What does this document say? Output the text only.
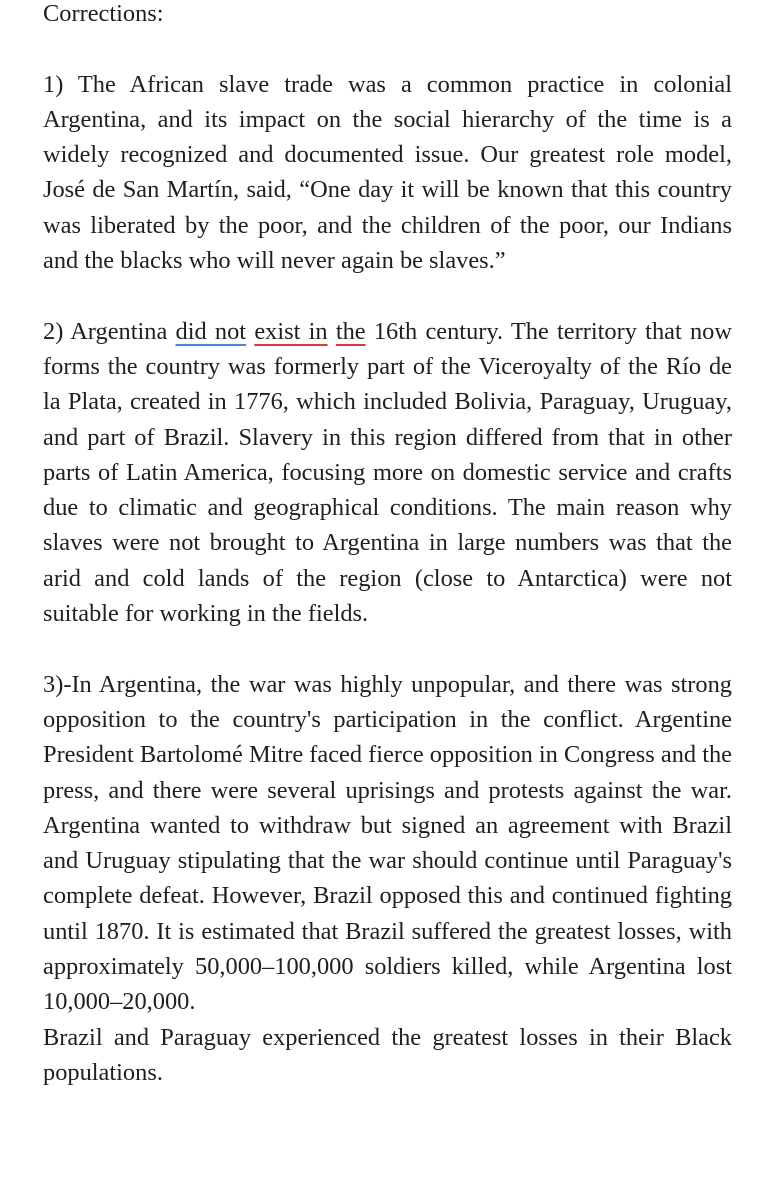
Corrections:
1) The African slave trade was a common practice in colonial Argentina, and its impact on the social hierarchy of the time is a widely recognized and documented issue. Our greatest role model, José de San Martín, said, “One day it will be known that this country was liberated by the poor, and the children of the poor, our Indians and the blacks who will never again be slaves.”
2) Argentina did not exist in the 16th century. The territory that now forms the country was formerly part of the Viceroyalty of the Río de la Plata, created in 1776, which included Bolivia, Paraguay, Uruguay, and part of Brazil. Slavery in this region differed from that in other parts of Latin America, focusing more on domestic service and crafts due to climatic and geographical conditions. The main reason why slaves were not brought to Argentina in large numbers was that the arid and cold lands of the region (close to Antarctica) were not suitable for working in the fields.
3)-In Argentina, the war was highly unpopular, and there was strong opposition to the country's participation in the conflict. Argentine President Bartolomé Mitre faced fierce opposition in Congress and the press, and there were several uprisings and protests against the war. Argentina wanted to withdraw but signed an agreement with Brazil and Uruguay stipulating that the war should continue until Paraguay's complete defeat. However, Brazil opposed this and continued fighting until 1870. It is estimated that Brazil suffered the greatest losses, with approximately 50,000–100,000 soldiers killed, while Argentina lost 10,000–20,000.
Brazil and Paraguay experienced the greatest losses in their Black populations.
